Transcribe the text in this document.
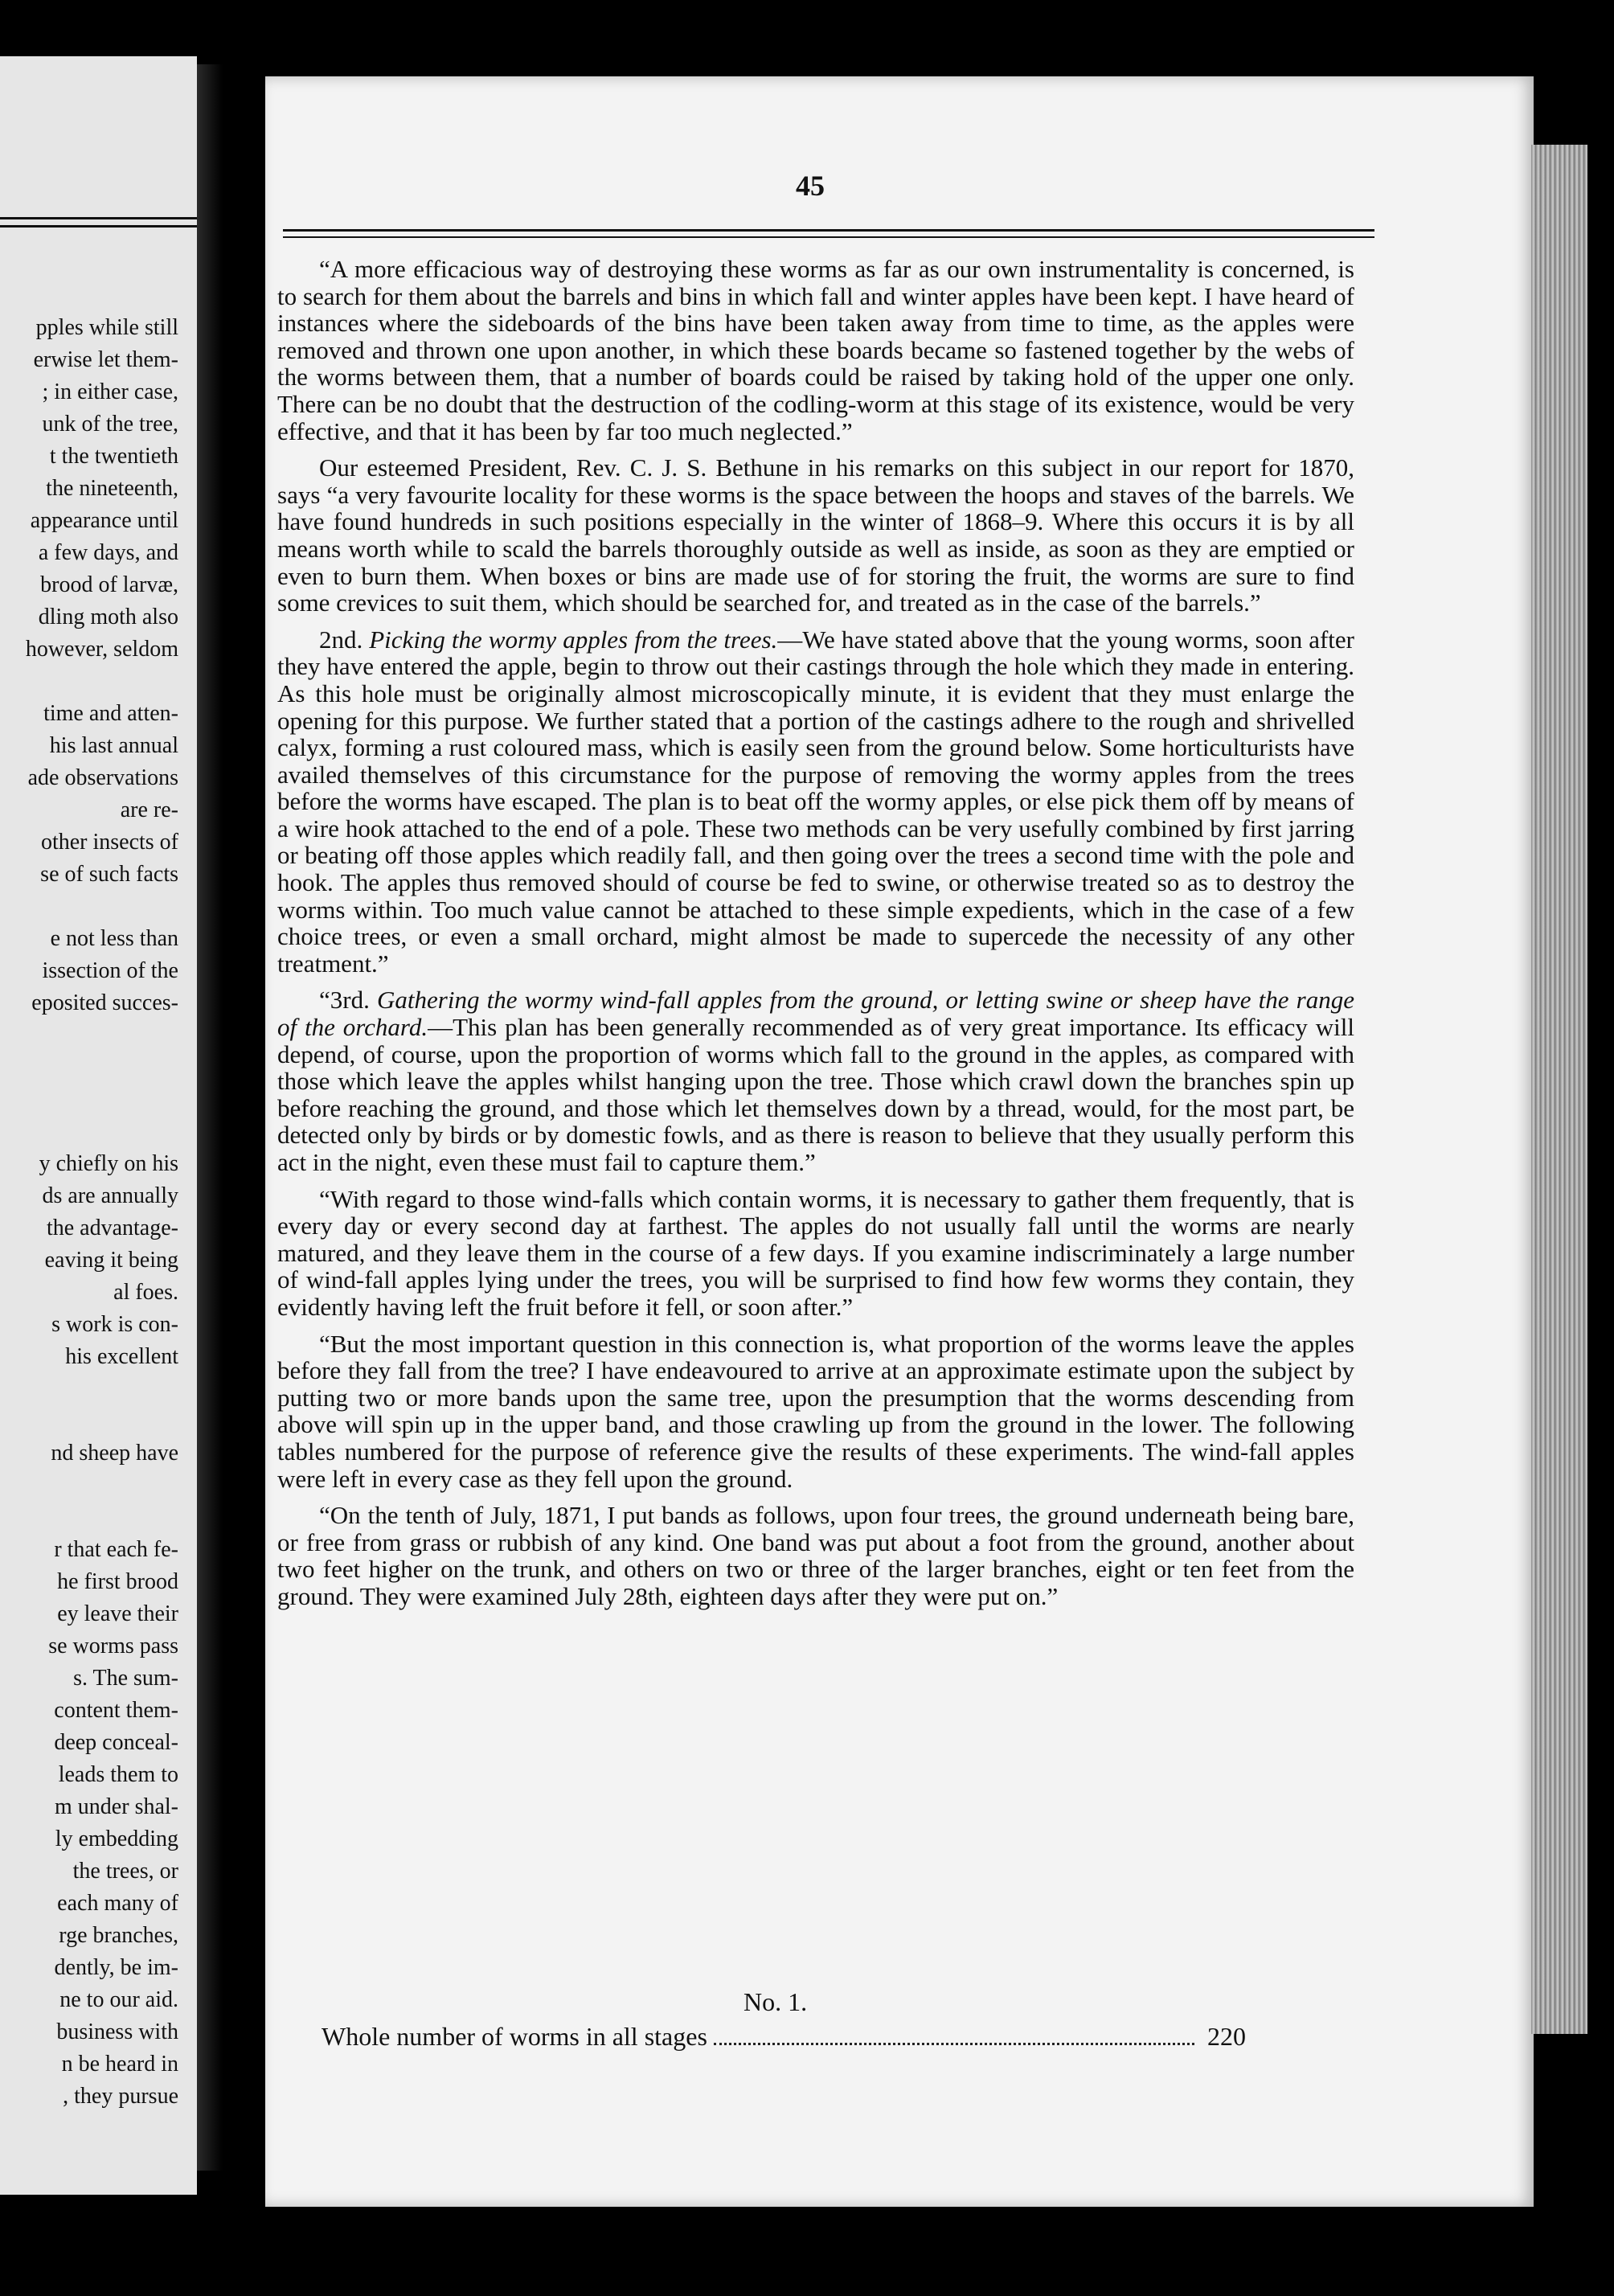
pples while still
erwise let them-
; in either case,
unk of the tree,
t the twentieth
the nineteenth,
appearance until
a few days, and
brood of larvæ,
dling moth also
however, seldom
time and atten-
his last annual
ade observations
are re-
other insects of
se of such facts
e not less than
issection of the
eposited succes-
y chiefly on his
ds are annually
the advantage-
eaving it being
al foes.
s work is con-
his excellent
nd sheep have
r that each fe-
he first brood
ey leave their
se worms pass
s. The sum-
content them-
deep conceal-
leads them to
m under shal-
ly embedding
the trees, or
each many of
rge branches,
dently, be im-
ne to our aid.
business with
n be heard in
, they pursue
45

“A more efficacious way of destroying these worms as far as our own instrumentality is concerned, is to search for them about the barrels and bins in which fall and winter apples have been kept. I have heard of instances where the sideboards of the bins have been taken away from time to time, as the apples were removed and thrown one upon another, in which these boards became so fastened together by the webs of the worms between them, that a number of boards could be raised by taking hold of the upper one only. There can be no doubt that the destruction of the codling-worm at this stage of its existence, would be very effective, and that it has been by far too much neglected.”

Our esteemed President, Rev. C. J. S. Bethune in his remarks on this subject in our report for 1870, says “a very favourite locality for these worms is the space between the hoops and staves of the barrels. We have found hundreds in such positions especially in the winter of 1868–9. Where this occurs it is by all means worth while to scald the barrels thoroughly outside as well as inside, as soon as they are emptied or even to burn them. When boxes or bins are made use of for storing the fruit, the worms are sure to find some crevices to suit them, which should be searched for, and treated as in the case of the barrels.”

2nd. Picking the wormy apples from the trees.—We have stated above that the young worms, soon after they have entered the apple, begin to throw out their castings through the hole which they made in entering. As this hole must be originally almost microscopically minute, it is evident that they must enlarge the opening for this purpose. We further stated that a portion of the castings adhere to the rough and shrivelled calyx, forming a rust coloured mass, which is easily seen from the ground below. Some horticulturists have availed themselves of this circumstance for the purpose of removing the wormy apples from the trees before the worms have escaped. The plan is to beat off the wormy apples, or else pick them off by means of a wire hook attached to the end of a pole. These two methods can be very usefully combined by first jarring or beating off those apples which readily fall, and then going over the trees a second time with the pole and hook. The apples thus removed should of course be fed to swine, or otherwise treated so as to destroy the worms within. Too much value cannot be attached to these simple expedients, which in the case of a few choice trees, or even a small orchard, might almost be made to supercede the necessity of any other treatment.”

“3rd. Gathering the wormy wind-fall apples from the ground, or letting swine or sheep have the range of the orchard.—This plan has been generally recommended as of very great importance. Its efficacy will depend, of course, upon the proportion of worms which fall to the ground in the apples, as compared with those which leave the apples whilst hanging upon the tree. Those which crawl down the branches spin up before reaching the ground, and those which let themselves down by a thread, would, for the most part, be detected only by birds or by domestic fowls, and as there is reason to believe that they usually perform this act in the night, even these must fail to capture them.”

“With regard to those wind-falls which contain worms, it is necessary to gather them frequently, that is every day or every second day at farthest. The apples do not usually fall until the worms are nearly matured, and they leave them in the course of a few days. If you examine indiscriminately a large number of wind-fall apples lying under the trees, you will be surprised to find how few worms they contain, they evidently having left the fruit before it fell, or soon after.”

“But the most important question in this connection is, what proportion of the worms leave the apples before they fall from the tree? I have endeavoured to arrive at an approximate estimate upon the subject by putting two or more bands upon the same tree, upon the presumption that the worms descending from above will spin up in the upper band, and those crawling up from the ground in the lower. The following tables numbered for the purpose of reference give the results of these experiments. The wind-fall apples were left in every case as they fell upon the ground.

“On the tenth of July, 1871, I put bands as follows, upon four trees, the ground underneath being bare, or free from grass or rubbish of any kind. One band was put about a foot from the ground, another about two feet higher on the trunk, and others on two or three of the larger branches, eight or ten feet from the ground. They were examined July 28th, eighteen days after they were put on.”

No. 1.
Whole number of worms in all stages	220
